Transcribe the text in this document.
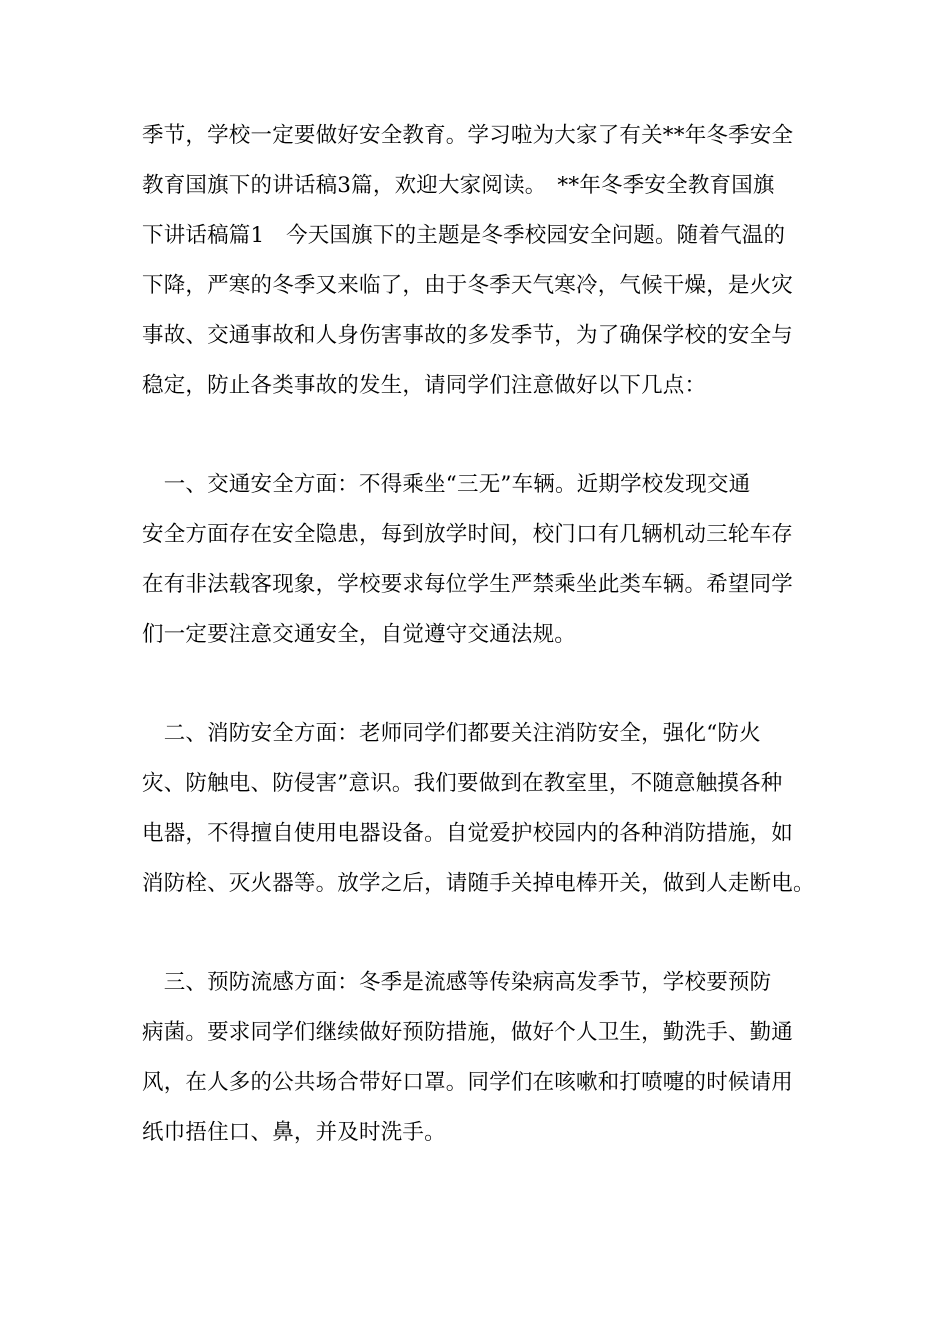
季节，学校一定要做好安全教育。学习啦为大家了有关**年冬季安全
教育国旗下的讲话稿3篇，欢迎大家阅读。　**年冬季安全教育国旗
下讲话稿篇1　今天国旗下的主题是冬季校园安全问题。随着气温的
下降，严寒的冬季又来临了，由于冬季天气寒冷，气候干燥，是火灾
事故、交通事故和人身伤害事故的多发季节，为了确保学校的安全与
稳定，防止各类事故的发生，请同学们注意做好以下几点：
　一、交通安全方面：不得乘坐“三无”车辆。近期学校发现交通
安全方面存在安全隐患，每到放学时间，校门口有几辆机动三轮车存
在有非法载客现象，学校要求每位学生严禁乘坐此类车辆。希望同学
们一定要注意交通安全，自觉遵守交通法规。
　二、消防安全方面：老师同学们都要关注消防安全，强化“防火
灾、防触电、防侵害”意识。我们要做到在教室里，不随意触摸各种
电器，不得擅自使用电器设备。自觉爱护校园内的各种消防措施，如
消防栓、灭火器等。放学之后，请随手关掉电棒开关，做到人走断电。
　三、预防流感方面：冬季是流感等传染病高发季节，学校要预防
病菌。要求同学们继续做好预防措施，做好个人卫生，勤洗手、勤通
风，在人多的公共场合带好口罩。同学们在咳嗽和打喷嚏的时候请用
纸巾捂住口、鼻，并及时洗手。
